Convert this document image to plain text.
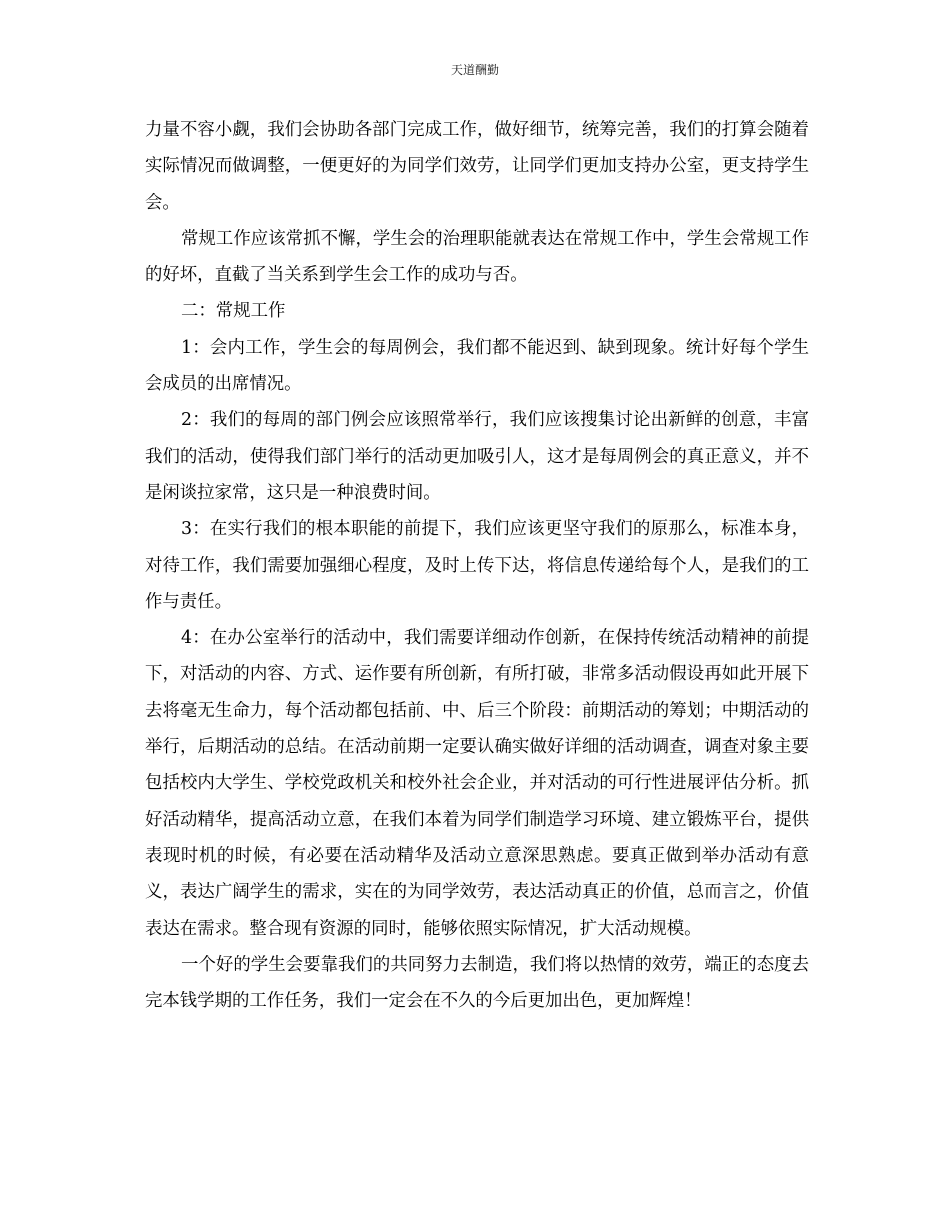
天道酬勤

力量不容小觑，我们会协助各部门完成工作，做好细节，统筹完善，我们的打算会随着实际情况而做调整，一便更好的为同学们效劳，让同学们更加支持办公室，更支持学生会。

常规工作应该常抓不懈，学生会的治理职能就表达在常规工作中，学生会常规工作的好坏，直截了当关系到学生会工作的成功与否。

二：常规工作

1：会内工作，学生会的每周例会，我们都不能迟到、缺到现象。统计好每个学生会成员的出席情况。

2：我们的每周的部门例会应该照常举行，我们应该搜集讨论出新鲜的创意，丰富我们的活动，使得我们部门举行的活动更加吸引人，这才是每周例会的真正意义，并不是闲谈拉家常，这只是一种浪费时间。

3：在实行我们的根本职能的前提下，我们应该更坚守我们的原那么，标准本身，对待工作，我们需要加强细心程度，及时上传下达，将信息传递给每个人，是我们的工作与责任。

4：在办公室举行的活动中，我们需要详细动作创新，在保持传统活动精神的前提下，对活动的内容、方式、运作要有所创新，有所打破，非常多活动假设再如此开展下去将毫无生命力，每个活动都包括前、中、后三个阶段：前期活动的筹划；中期活动的举行，后期活动的总结。在活动前期一定要认确实做好详细的活动调查，调查对象主要包括校内大学生、学校党政机关和校外社会企业，并对活动的可行性进展评估分析。抓好活动精华，提高活动立意，在我们本着为同学们制造学习环境、建立锻炼平台，提供表现时机的时候，有必要在活动精华及活动立意深思熟虑。要真正做到举办活动有意义，表达广阔学生的需求，实在的为同学效劳，表达活动真正的价值，总而言之，价值表达在需求。整合现有资源的同时，能够依照实际情况，扩大活动规模。

一个好的学生会要靠我们的共同努力去制造，我们将以热情的效劳，端正的态度去完本钱学期的工作任务，我们一定会在不久的今后更加出色，更加辉煌！
